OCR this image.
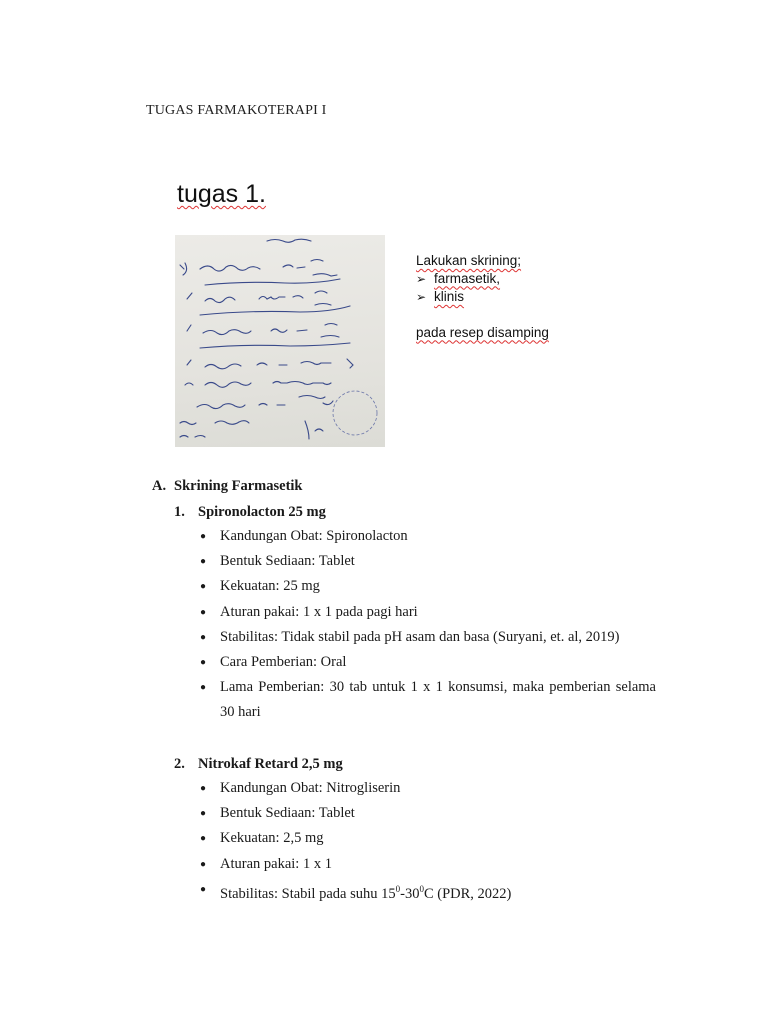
TUGAS FARMAKOTERAPI I
tugas 1.
Lakukan skrining;
➢ farmasetik,
➢ klinis
pada resep disamping
A. Skrining Farmasetik
1. Spironolacton 25 mg
● Kandungan Obat: Spironolacton
● Bentuk Sediaan: Tablet
● Kekuatan: 25 mg
● Aturan pakai: 1 x 1 pada pagi hari
● Stabilitas: Tidak stabil pada pH asam dan basa (Suryani, et. al, 2019)
● Cara Pemberian: Oral
● Lama Pemberian: 30 tab untuk 1 x 1 konsumsi, maka pemberian selama 30 hari
2. Nitrokaf Retard 2,5 mg
● Kandungan Obat: Nitrogliserin
● Bentuk Sediaan: Tablet
● Kekuatan: 2,5 mg
● Aturan pakai: 1 x 1
● Stabilitas: Stabil pada suhu $15^0-30^0C$ (PDR, 2022)
